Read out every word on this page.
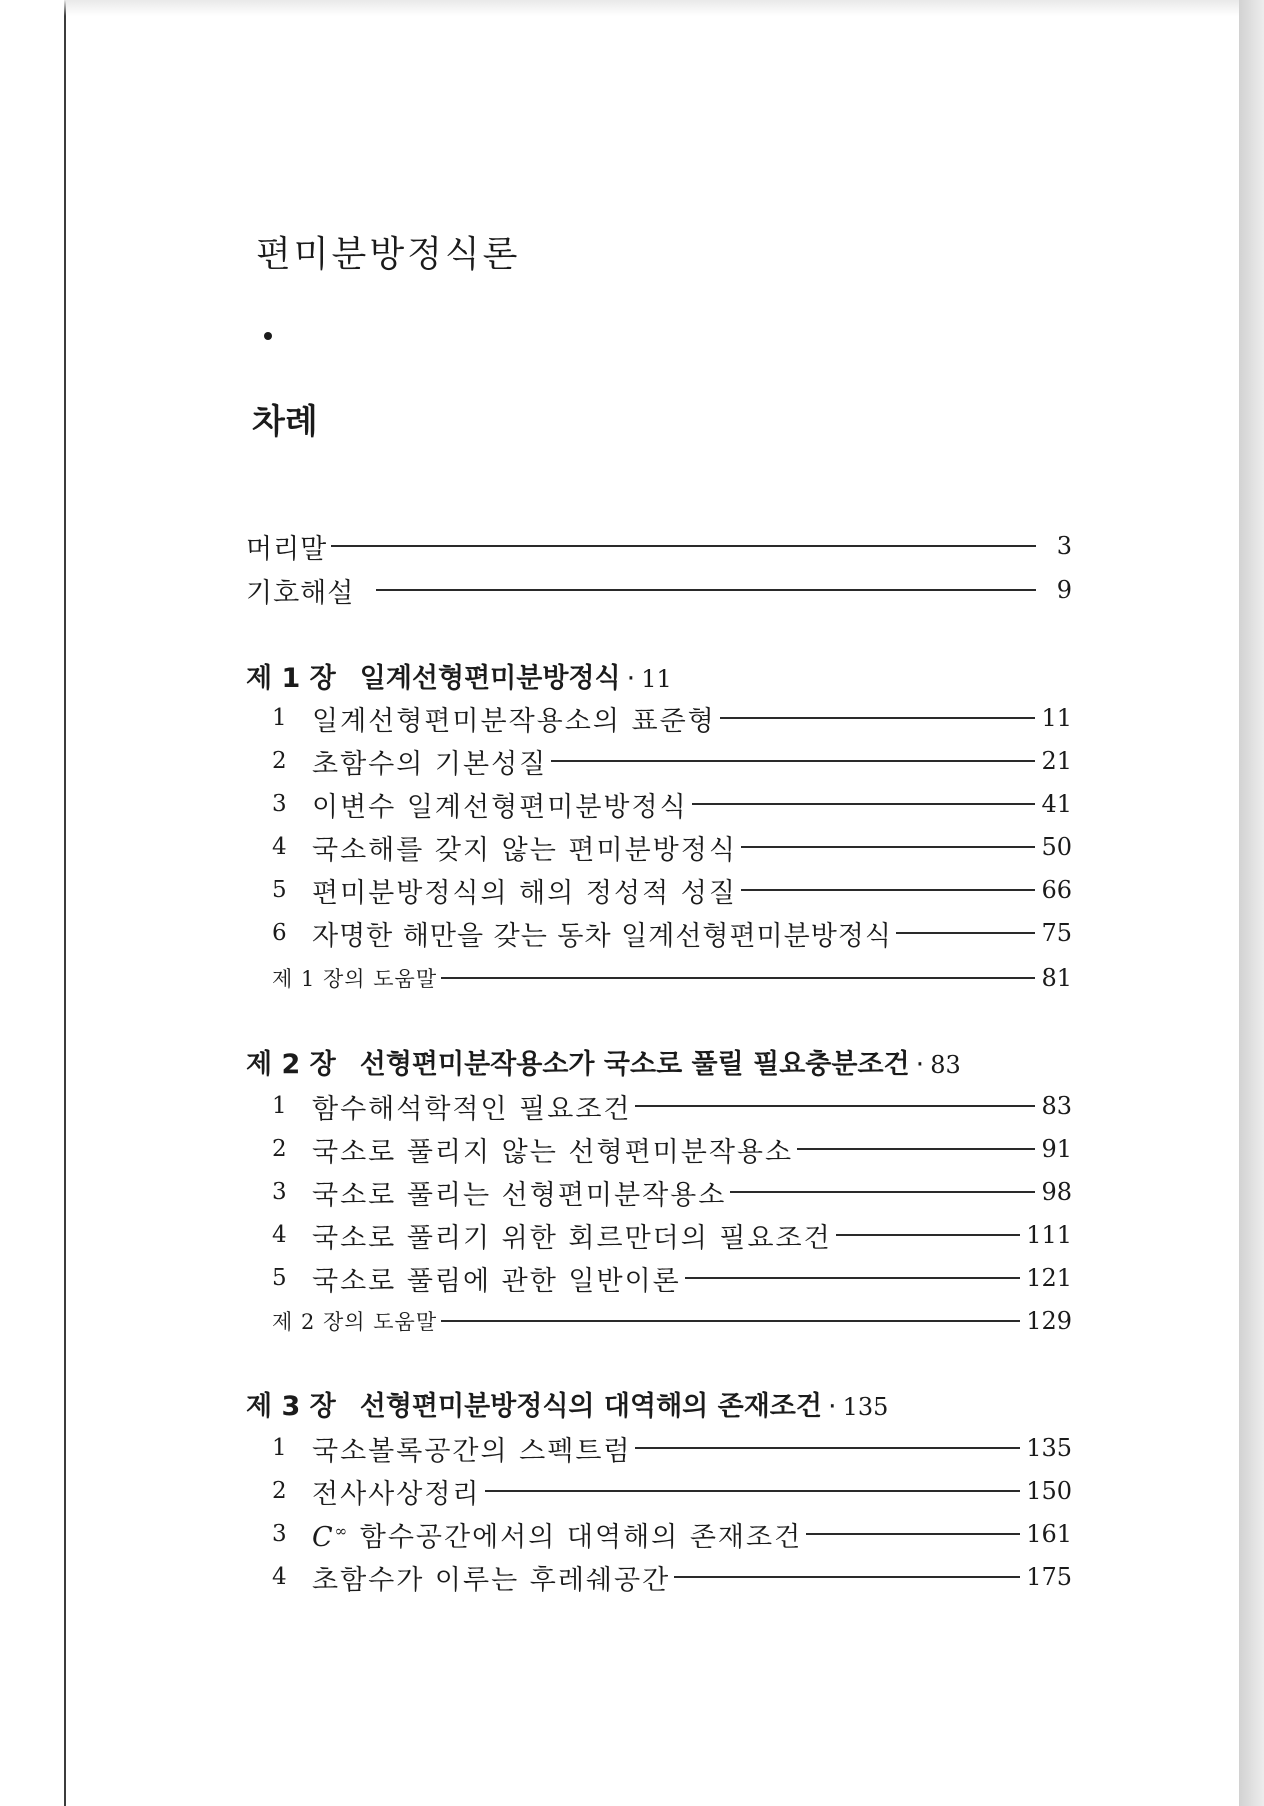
편미분방정식론
차례
머리말	3
기호해설	9
제 1 장 일계선형편미분방정식 · 11
1 일계선형편미분작용소의 표준형	11
2 초함수의 기본성질	21
3 이변수 일계선형편미분방정식	41
4 국소해를 갖지 않는 편미분방정식	50
5 편미분방정식의 해의 정성적 성질	66
6 자명한 해만을 갖는 동차 일계선형편미분방정식	75
제 1 장의 도움말	81
제 2 장 선형편미분작용소가 국소로 풀릴 필요충분조건 · 83
1 함수해석학적인 필요조건	83
2 국소로 풀리지 않는 선형편미분작용소	91
3 국소로 풀리는 선형편미분작용소	98
4 국소로 풀리기 위한 회르만더의 필요조건	111
5 국소로 풀림에 관한 일반이론	121
제 2 장의 도움말	129
제 3 장 선형편미분방정식의 대역해의 존재조건 · 135
1 국소볼록공간의 스펙트럼	135
2 전사사상정리	150
3 C∞ 함수공간에서의 대역해의 존재조건	161
4 초함수가 이루는 후레쉐공간	175
